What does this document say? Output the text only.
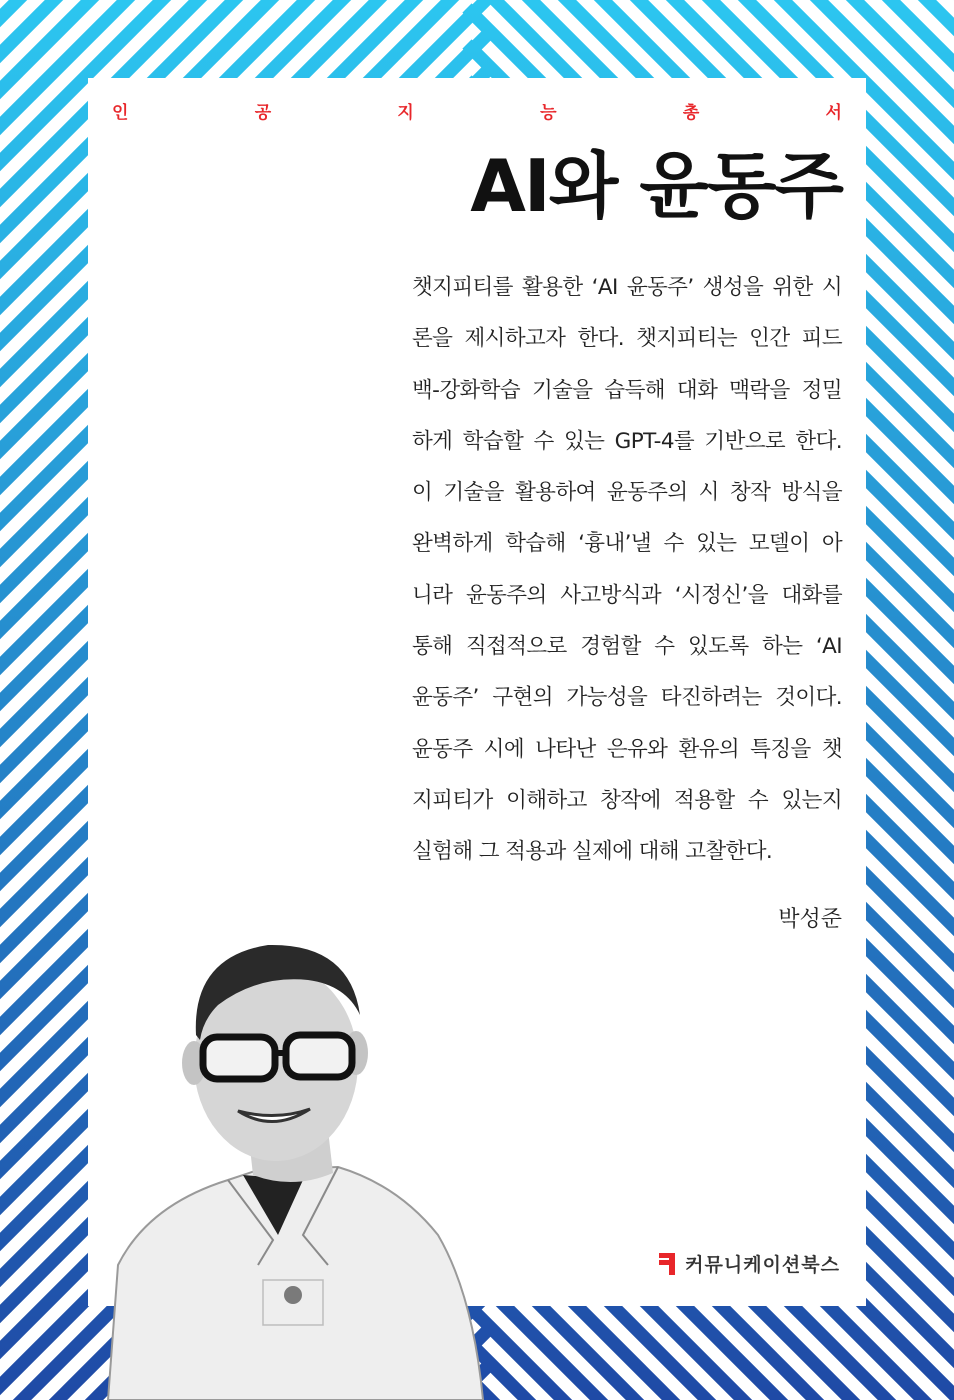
인	공	지	능	총	서
AI와 윤동주
챗지피티를 활용한 ‘AI 윤동주’ 생성을 위한 시
론을 제시하고자 한다. 챗지피티는 인간 피드
백-강화학습 기술을 습득해 대화 맥락을 정밀
하게 학습할 수 있는 GPT-4를 기반으로 한다.
이 기술을 활용하여 윤동주의 시 창작 방식을
완벽하게 학습해 ‘흉내’낼 수 있는 모델이 아
니라 윤동주의 사고방식과 ‘시정신’을 대화를
통해 직접적으로 경험할 수 있도록 하는 ‘AI
윤동주’ 구현의 가능성을 타진하려는 것이다.
윤동주 시에 나타난 은유와 환유의 특징을 챗
지피티가 이해하고 창작에 적용할 수 있는지
실험해 그 적용과 실제에 대해 고찰한다.
박성준
커뮤니케이션북스
